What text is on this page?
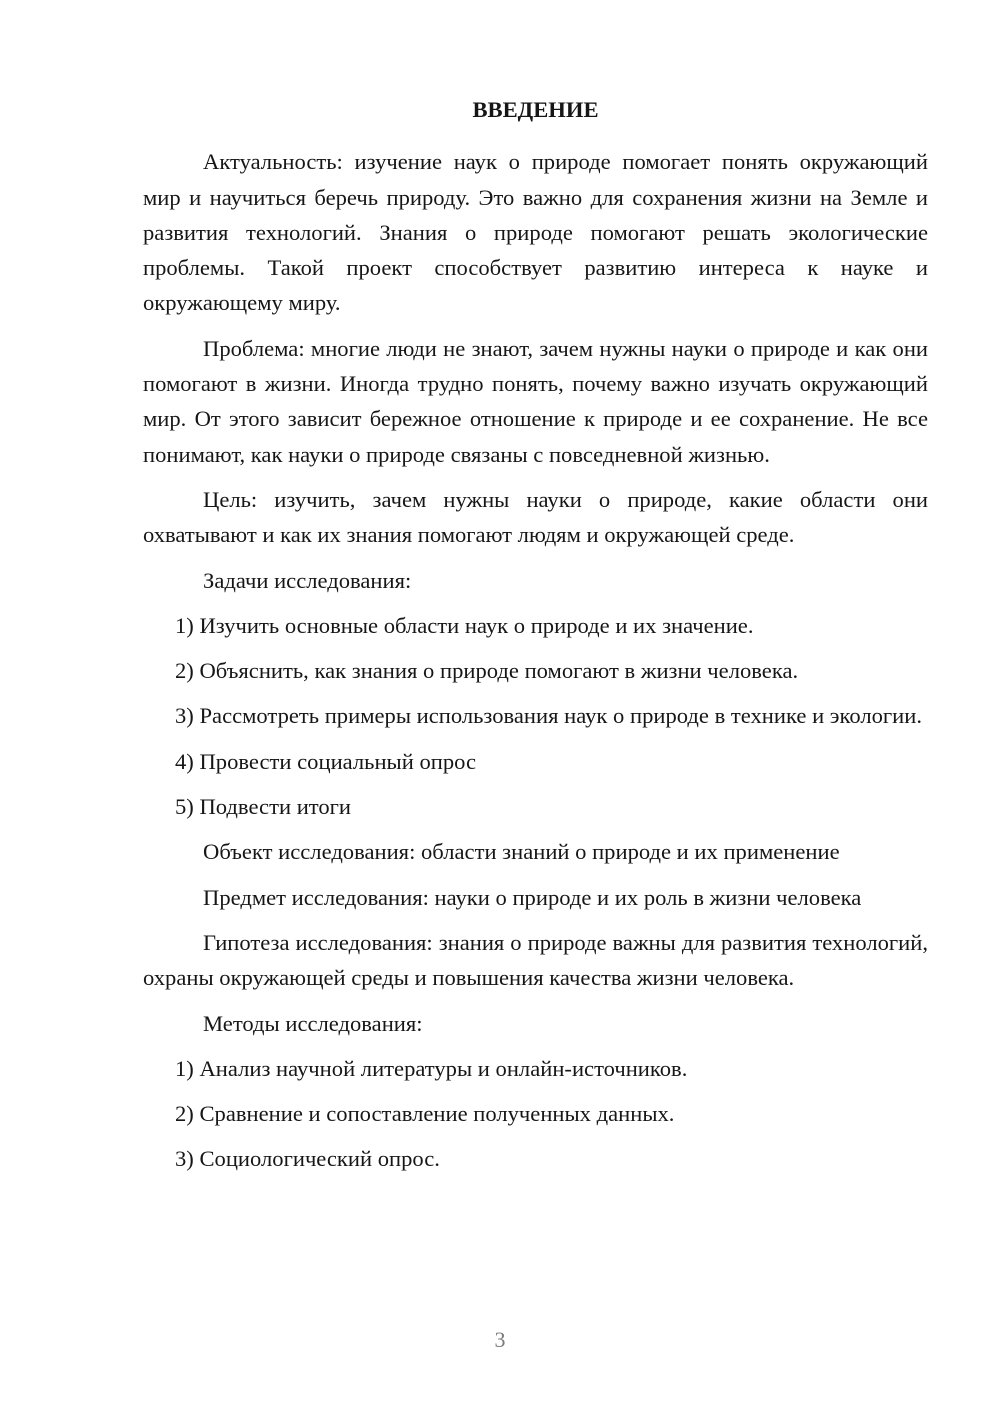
ВВЕДЕНИЕ

Актуальность: изучение наук о природе помогает понять окружающий мир и научиться беречь природу. Это важно для сохранения жизни на Земле и развития технологий. Знания о природе помогают решать экологические проблемы. Такой проект способствует развитию интереса к науке и окружающему миру.

Проблема: многие люди не знают, зачем нужны науки о природе и как они помогают в жизни. Иногда трудно понять, почему важно изучать окружающий мир. От этого зависит бережное отношение к природе и ее сохранение. Не все понимают, как науки о природе связаны с повседневной жизнью.

Цель: изучить, зачем нужны науки о природе, какие области они охватывают и как их знания помогают людям и окружающей среде.

Задачи исследования:

1) Изучить основные области наук о природе и их значение.

2) Объяснить, как знания о природе помогают в жизни человека.

3) Рассмотреть примеры использования наук о природе в технике и экологии.

4) Провести социальный опрос

5) Подвести итоги

Объект исследования: области знаний о природе и их применение

Предмет исследования: науки о природе и их роль в жизни человека

Гипотеза исследования: знания о природе важны для развития технологий, охраны окружающей среды и повышения качества жизни человека.

Методы исследования:

1) Анализ научной литературы и онлайн-источников.

2) Сравнение и сопоставление полученных данных.

3) Социологический опрос.

3
